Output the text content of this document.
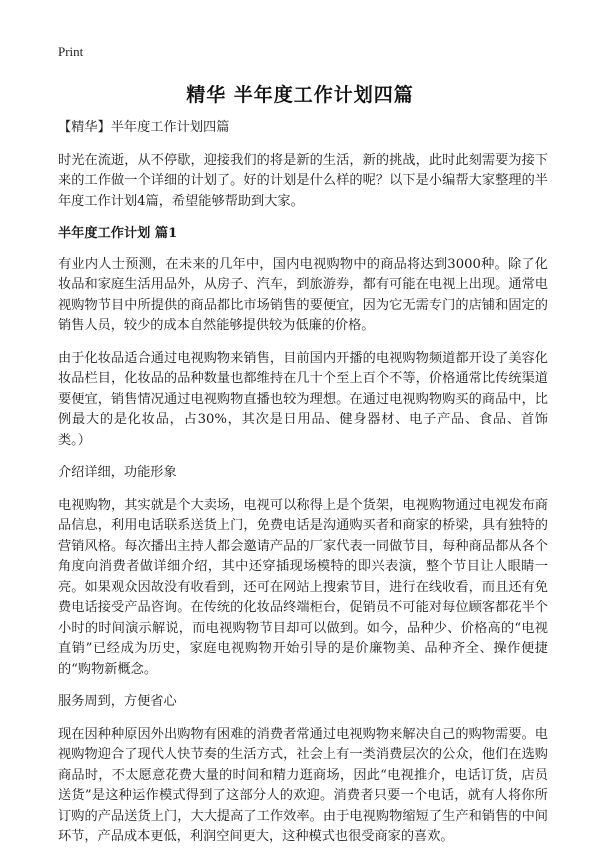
Print
精华 半年度工作计划四篇

【精华】半年度工作计划四篇

时光在流逝，从不停歇，迎接我们的将是新的生活，新的挑战，此时此刻需要为接下来的工作做一个详细的计划了。好的计划是什么样的呢？以下是小编帮大家整理的半年度工作计划4篇，希望能够帮助到大家。

半年度工作计划 篇1

有业内人士预测，在未来的几年中，国内电视购物中的商品将达到3000种。除了化妆品和家庭生活用品外，从房子、汽车，到旅游券，都有可能在电视上出现。通常电视购物节目中所提供的商品都比市场销售的要便宜，因为它无需专门的店铺和固定的销售人员，较少的成本自然能够提供较为低廉的价格。

由于化妆品适合通过电视购物来销售，目前国内开播的电视购物频道都开设了美容化妆品栏目，化妆品的品种数量也都维持在几十个至上百个不等，价格通常比传统渠道要便宜，销售情况通过电视购物直播也较为理想。在通过电视购物购买的商品中，比例最大的是化妆品，占30%，其次是日用品、健身器材、电子产品、食品、首饰类。）

介绍详细，功能形象

电视购物，其实就是个大卖场，电视可以称得上是个货架，电视购物通过电视发布商品信息，利用电话联系送货上门，免费电话是沟通购买者和商家的桥梁，具有独特的营销风格。每次播出主持人都会邀请产品的厂家代表一同做节目，每种商品都从各个角度向消费者做详细介绍，其中还穿插现场模特的即兴表演，整个节目让人眼睛一亮。如果观众因故没有收看到，还可在网站上搜索节目，进行在线收看，而且还有免费电话接受产品咨询。在传统的化妆品终端柜台，促销员不可能对每位顾客都花半个小时的时间演示解说，而电视购物节目却可以做到。如今，品种少、价格高的“电视直销”已经成为历史，家庭电视购物开始引导的是价廉物美、品种齐全、操作便捷的“购物新概念。

服务周到，方便省心

现在因种种原因外出购物有困难的消费者常通过电视购物来解决自己的购物需要。电视购物迎合了现代人快节奏的生活方式，社会上有一类消费层次的公众，他们在选购商品时，不太愿意花费大量的时间和精力逛商场，因此“电视推介，电话订货，店员送货”是这种运作模式得到了这部分人的欢迎。消费者只要一个电话，就有人将你所订购的产品送货上门，大大提高了工作效率。由于电视购物缩短了生产和销售的中间环节，产品成本更低，利润空间更大，这种模式也很受商家的喜欢。
